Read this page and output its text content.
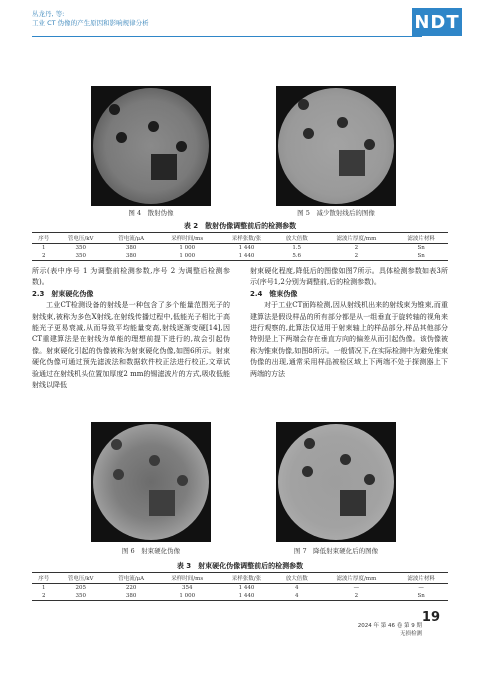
丛龙丹, 等:
工业 CT 伪像的产生原因和影响规律分析	NDT
图 4　散射伪像	图 5　减少散射线后的图像
表 2　散射伪像调整前后的检测参数
序号	管电压/kV	管电流/μA	采样时间/ms	采样张数/张	放大倍数	滤波片厚度/mm	滤波片材料
1	350	380	1 000	1 440	1.5	2	Sn
2	350	380	1 000	1 440	5.6	2	Sn

所示(表中序号 1 为调整前检测参数,序号 2 为调整后检测参数)。

2.3　射束硬化伪像

工业CT检测设备的射线是一种包含了多个能量范围光子的射线束,被称为多色X射线,在射线传播过程中,低能光子相比于高能光子更易衰减,从而导致平均能量变高,射线逐渐变硬[14],因CT重建算法是在射线为单能的理想前提下进行的,故会引起伪像。射束硬化引起的伪像被称为射束硬化伪像,如图6所示。射束硬化伪像可通过预先滤波法和数据软件校正法进行校正,文章试验通过在射线机头位置加厚度2 mm的锡滤波片的方式,吸收低能射线以降低

射束硬化程度,降低后的图像如图7所示。具体检测参数如表3所示(序号1,2分别为调整前,后的检测参数)。

2.4　锥束伪像

对于工业CT面阵检测,因从射线机出来的射线束为锥束,而重建算法是假设样品的所有部分都是从一组垂直于旋转轴的视角来进行观察的,此算法仅适用于射束轴上的样品部分,样品其他部分特别是上下两端会存在垂直方向的偏差从而引起伪像。该伪像被称为锥束伪像,如图8所示。一般情况下,在实际检测中为避免锥束伪像的出现,通常采用样品被检区域上下两端不处于探测器上下两端的方法

图 6　射束硬化伪像	图 7　降低射束硬化后的图像
表 3　射束硬化伪像调整前后的检测参数
序号	管电压/kV	管电流/μA	采样时间/ms	采样张数/张	放大倍数	滤波片厚度/mm	滤波片材料
1	205	220	354	1 440	4	—	—
2	350	380	1 000	1 440	4	2	Sn
19
2024 年 第 46 卷 第 9 期
无损检测
